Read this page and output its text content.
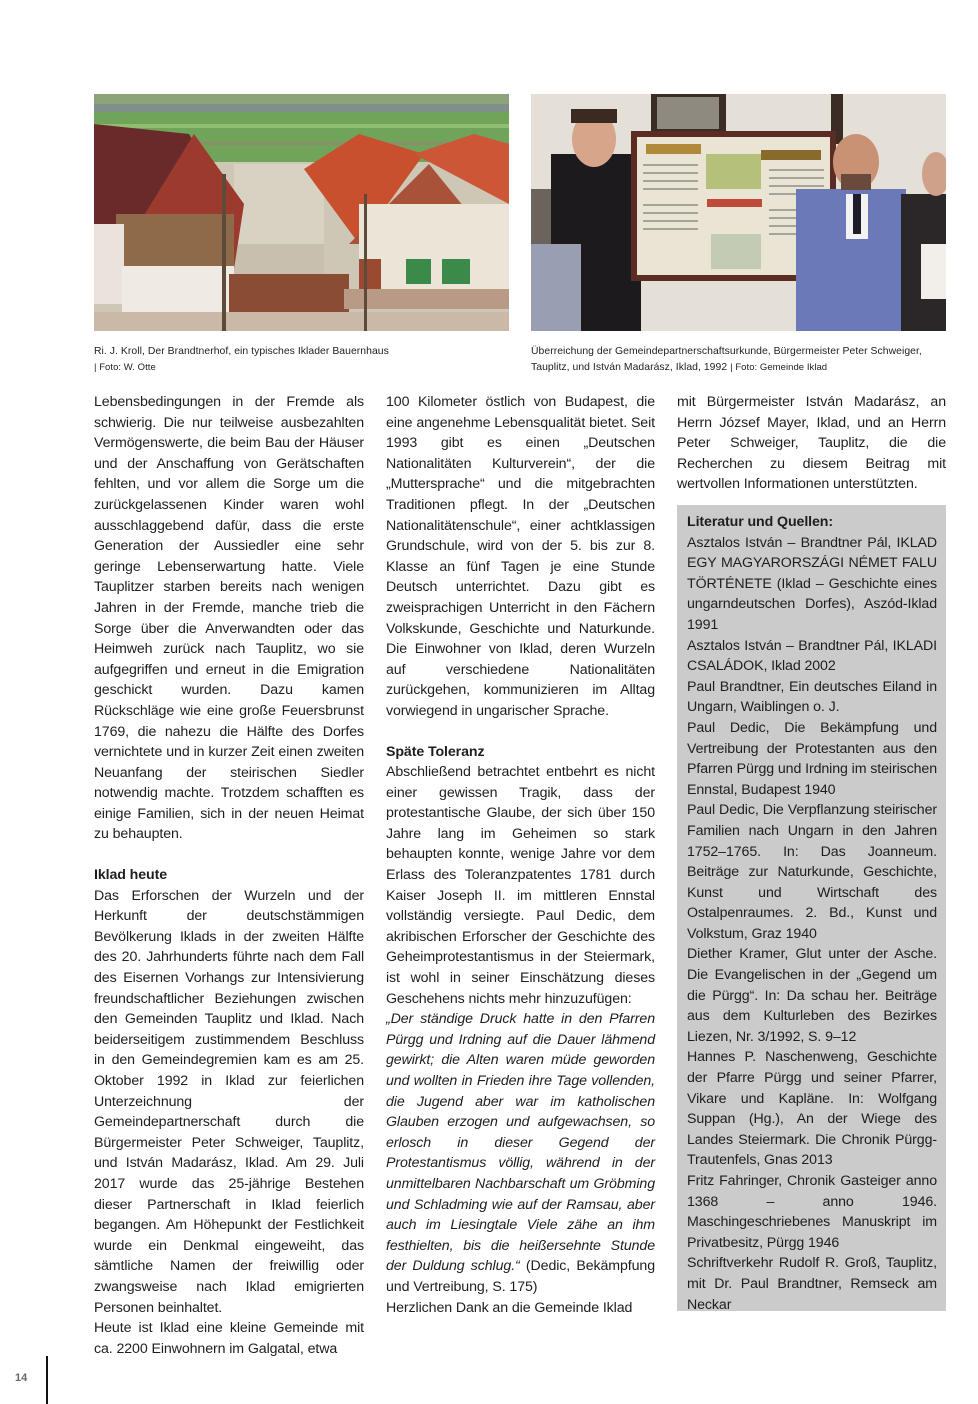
Ri. J. Kroll, Der Brandtnerhof, ein typisches Iklader Bauernhaus
| Foto: W. Otte
Überreichung der Gemeindepartnerschaftsurkunde, Bürgermeister Peter Schweiger, Tauplitz, und István Madarász, Iklad, 1992 | Foto: Gemeinde Iklad

Lebensbedingungen in der Fremde als schwierig. Die nur teilweise ausbezahlten Vermögenswerte, die beim Bau der Häuser und der Anschaffung von Gerätschaften fehlten, und vor allem die Sorge um die zurückgelassenen Kinder waren wohl ausschlaggebend dafür, dass die erste Generation der Aussiedler eine sehr geringe Lebenserwartung hatte. Viele Tauplitzer starben bereits nach wenigen Jahren in der Fremde, manche trieb die Sorge über die Anverwandten oder das Heimweh zurück nach Tauplitz, wo sie aufgegriffen und erneut in die Emigration geschickt wurden. Dazu kamen Rückschläge wie eine große Feuersbrunst 1769, die nahezu die Hälfte des Dorfes vernichtete und in kurzer Zeit einen zweiten Neuanfang der steirischen Siedler notwendig machte. Trotzdem schafften es einige Familien, sich in der neuen Heimat zu behaupten.

Iklad heute

Das Erforschen der Wurzeln und der Herkunft der deutschstämmigen Bevölkerung Iklads in der zweiten Hälfte des 20. Jahrhunderts führte nach dem Fall des Eisernen Vorhangs zur Intensivierung freundschaftlicher Beziehungen zwischen den Gemeinden Tauplitz und Iklad. Nach beiderseitigem zustimmendem Beschluss in den Gemeindegremien kam es am 25. Oktober 1992 in Iklad zur feierlichen Unterzeichnung der Gemeindepartnerschaft durch die Bürgermeister Peter Schweiger, Tauplitz, und István Madarász, Iklad. Am 29. Juli 2017 wurde das 25-jährige Bestehen dieser Partnerschaft in Iklad feierlich begangen. Am Höhepunkt der Festlichkeit wurde ein Denkmal eingeweiht, das sämtliche Namen der freiwillig oder zwangsweise nach Iklad emigrierten Personen beinhaltet.

Heute ist Iklad eine kleine Gemeinde mit ca. 2200 Einwohnern im Galgatal, etwa

100 Kilometer östlich von Budapest, die eine angenehme Lebensqualität bietet. Seit 1993 gibt es einen „Deutschen Nationalitäten Kulturverein“, der die „Muttersprache“ und die mitgebrachten Traditionen pflegt. In der „Deutschen Nationalitätenschule“, einer achtklassigen Grundschule, wird von der 5. bis zur 8. Klasse an fünf Tagen je eine Stunde Deutsch unterrichtet. Dazu gibt es zweisprachigen Unterricht in den Fächern Volkskunde, Geschichte und Naturkunde. Die Einwohner von Iklad, deren Wurzeln auf verschiedene Nationalitäten zurückgehen, kommunizieren im Alltag vorwiegend in ungarischer Sprache.

Späte Toleranz

Abschließend betrachtet entbehrt es nicht einer gewissen Tragik, dass der protestantische Glaube, der sich über 150 Jahre lang im Geheimen so stark behaupten konnte, wenige Jahre vor dem Erlass des Toleranzpatentes 1781 durch Kaiser Joseph II. im mittleren Ennstal vollständig versiegte. Paul Dedic, dem akribischen Erforscher der Geschichte des Geheimprotestantismus in der Steiermark, ist wohl in seiner Einschätzung dieses Geschehens nichts mehr hinzuzufügen:

„Der ständige Druck hatte in den Pfarren Pürgg und Irdning auf die Dauer lähmend gewirkt; die Alten waren müde geworden und wollten in Frieden ihre Tage vollenden, die Jugend aber war im katholischen Glauben erzogen und aufgewachsen, so erlosch in dieser Gegend der Protestantismus völlig, während in der unmittelbaren Nachbarschaft um Gröbming und Schladming wie auf der Ramsau, aber auch im Liesingtale Viele zähe an ihm festhielten, bis die heißersehnte Stunde der Duldung schlug.“ (Dedic, Bekämpfung und Vertreibung, S. 175)

Herzlichen Dank an die Gemeinde Iklad

mit Bürgermeister István Madarász, an Herrn József Mayer, Iklad, und an Herrn Peter Schweiger, Tauplitz, die die Recherchen zu diesem Beitrag mit wertvollen Informationen unterstützten.

Literatur und Quellen:

Asztalos István – Brandtner Pál, IKLAD EGY MAGYARORSZÁGI NÉMET FALU TÖRTÉNETE (Iklad – Geschichte eines ungarndeutschen Dorfes), Aszód-Iklad 1991

Asztalos István – Brandtner Pál, IKLADI CSALÁDOK, Iklad 2002

Paul Brandtner, Ein deutsches Eiland in Ungarn, Waiblingen o. J.

Paul Dedic, Die Bekämpfung und Vertreibung der Protestanten aus den Pfarren Pürgg und Irdning im steirischen Ennstal, Budapest 1940

Paul Dedic, Die Verpflanzung steirischer Familien nach Ungarn in den Jahren 1752–1765. In: Das Joanneum. Beiträge zur Naturkunde, Geschichte, Kunst und Wirtschaft des Ostalpenraumes. 2. Bd., Kunst und Volkstum, Graz 1940

Diether Kramer, Glut unter der Asche. Die Evangelischen in der „Gegend um die Pürgg“. In: Da schau her. Beiträge aus dem Kulturleben des Bezirkes Liezen, Nr. 3/1992, S. 9–12

Hannes P. Naschenweng, Geschichte der Pfarre Pürgg und seiner Pfarrer, Vikare und Kapläne. In: Wolfgang Suppan (Hg.), An der Wiege des Landes Steiermark. Die Chronik Pürgg-Trautenfels, Gnas 2013

Fritz Fahringer, Chronik Gasteiger anno 1368 – anno 1946. Maschingeschriebenes Manuskript im Privatbesitz, Pürgg 1946

Schriftverkehr Rudolf R. Groß, Tauplitz, mit Dr. Paul Brandtner, Remseck am Neckar

14
